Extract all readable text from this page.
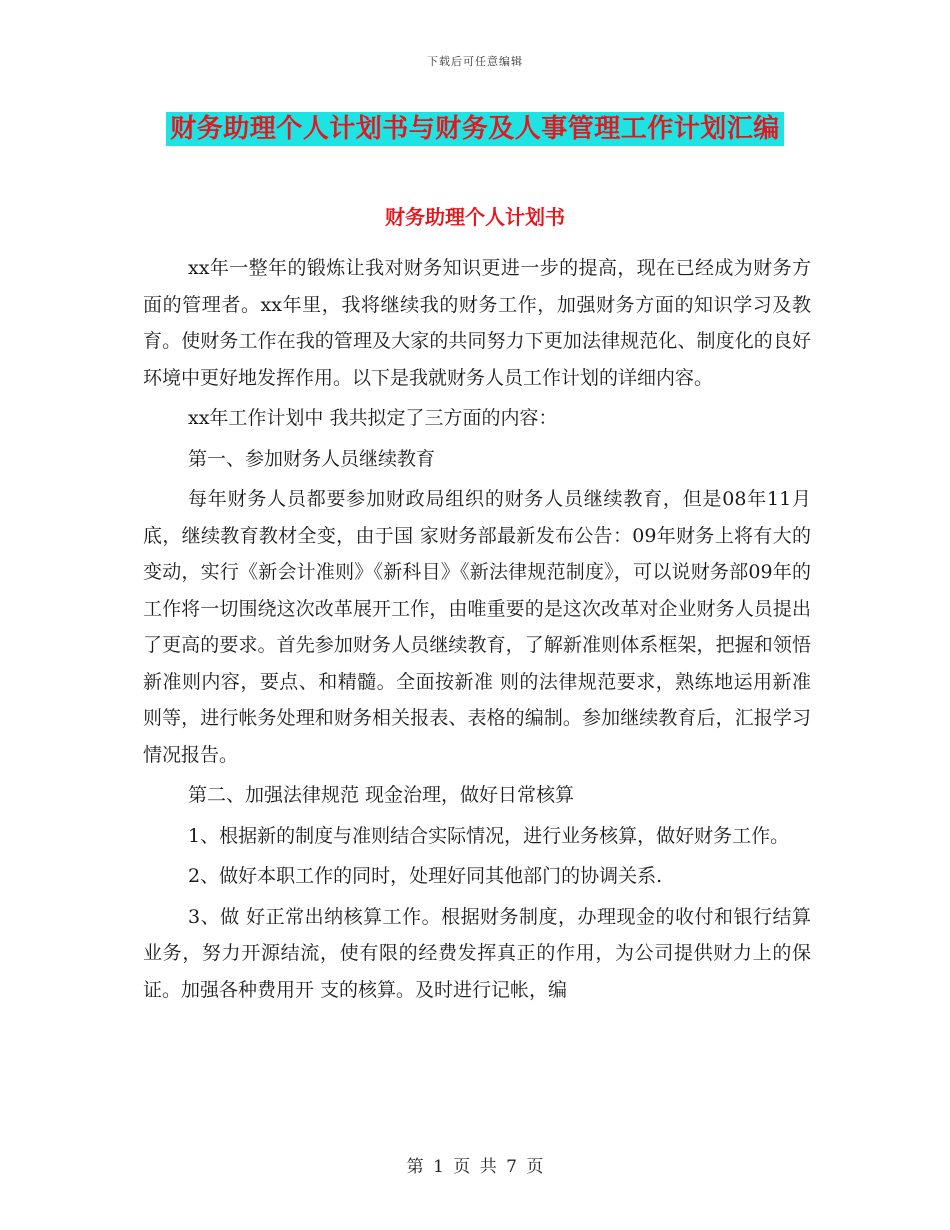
下载后可任意编辑
财务助理个人计划书与财务及人事管理工作计划汇编
财务助理个人计划书

xx年一整年的锻炼让我对财务知识更进一步的提高，现在已经成为财务方面的管理者。xx年里，我将继续我的财务工作，加强财务方面的知识学习及教育。使财务工作在我的管理及大家的共同努力下更加法律规范化、制度化的良好环境中更好地发挥作用。以下是我就财务人员工作计划的详细内容。

xx年工作计划中 我共拟定了三方面的内容：

第一、参加财务人员继续教育

每年财务人员都要参加财政局组织的财务人员继续教育，但是08年11月底，继续教育教材全变，由于国 家财务部最新发布公告：09年财务上将有大的变动，实行《新会计准则》《新科目》《新法律规范制度》，可以说财务部09年的工作将一切围绕这次改革展开工作，由唯重要的是这次改革对企业财务人员提出了更高的要求。首先参加财务人员继续教育，了解新准则体系框架，把握和领悟新准则内容，要点、和精髓。全面按新准 则的法律规范要求，熟练地运用新准则等，进行帐务处理和财务相关报表、表格的编制。参加继续教育后，汇报学习情况报告。

第二、加强法律规范 现金治理，做好日常核算

1、根据新的制度与准则结合实际情况，进行业务核算，做好财务工作。

2、做好本职工作的同时，处理好同其他部门的协调关系.

3、做 好正常出纳核算工作。根据财务制度，办理现金的收付和银行结算业务，努力开源结流，使有限的经费发挥真正的作用，为公司提供财力上的保证。加强各种费用开 支的核算。及时进行记帐，编

第 1 页 共 7 页
